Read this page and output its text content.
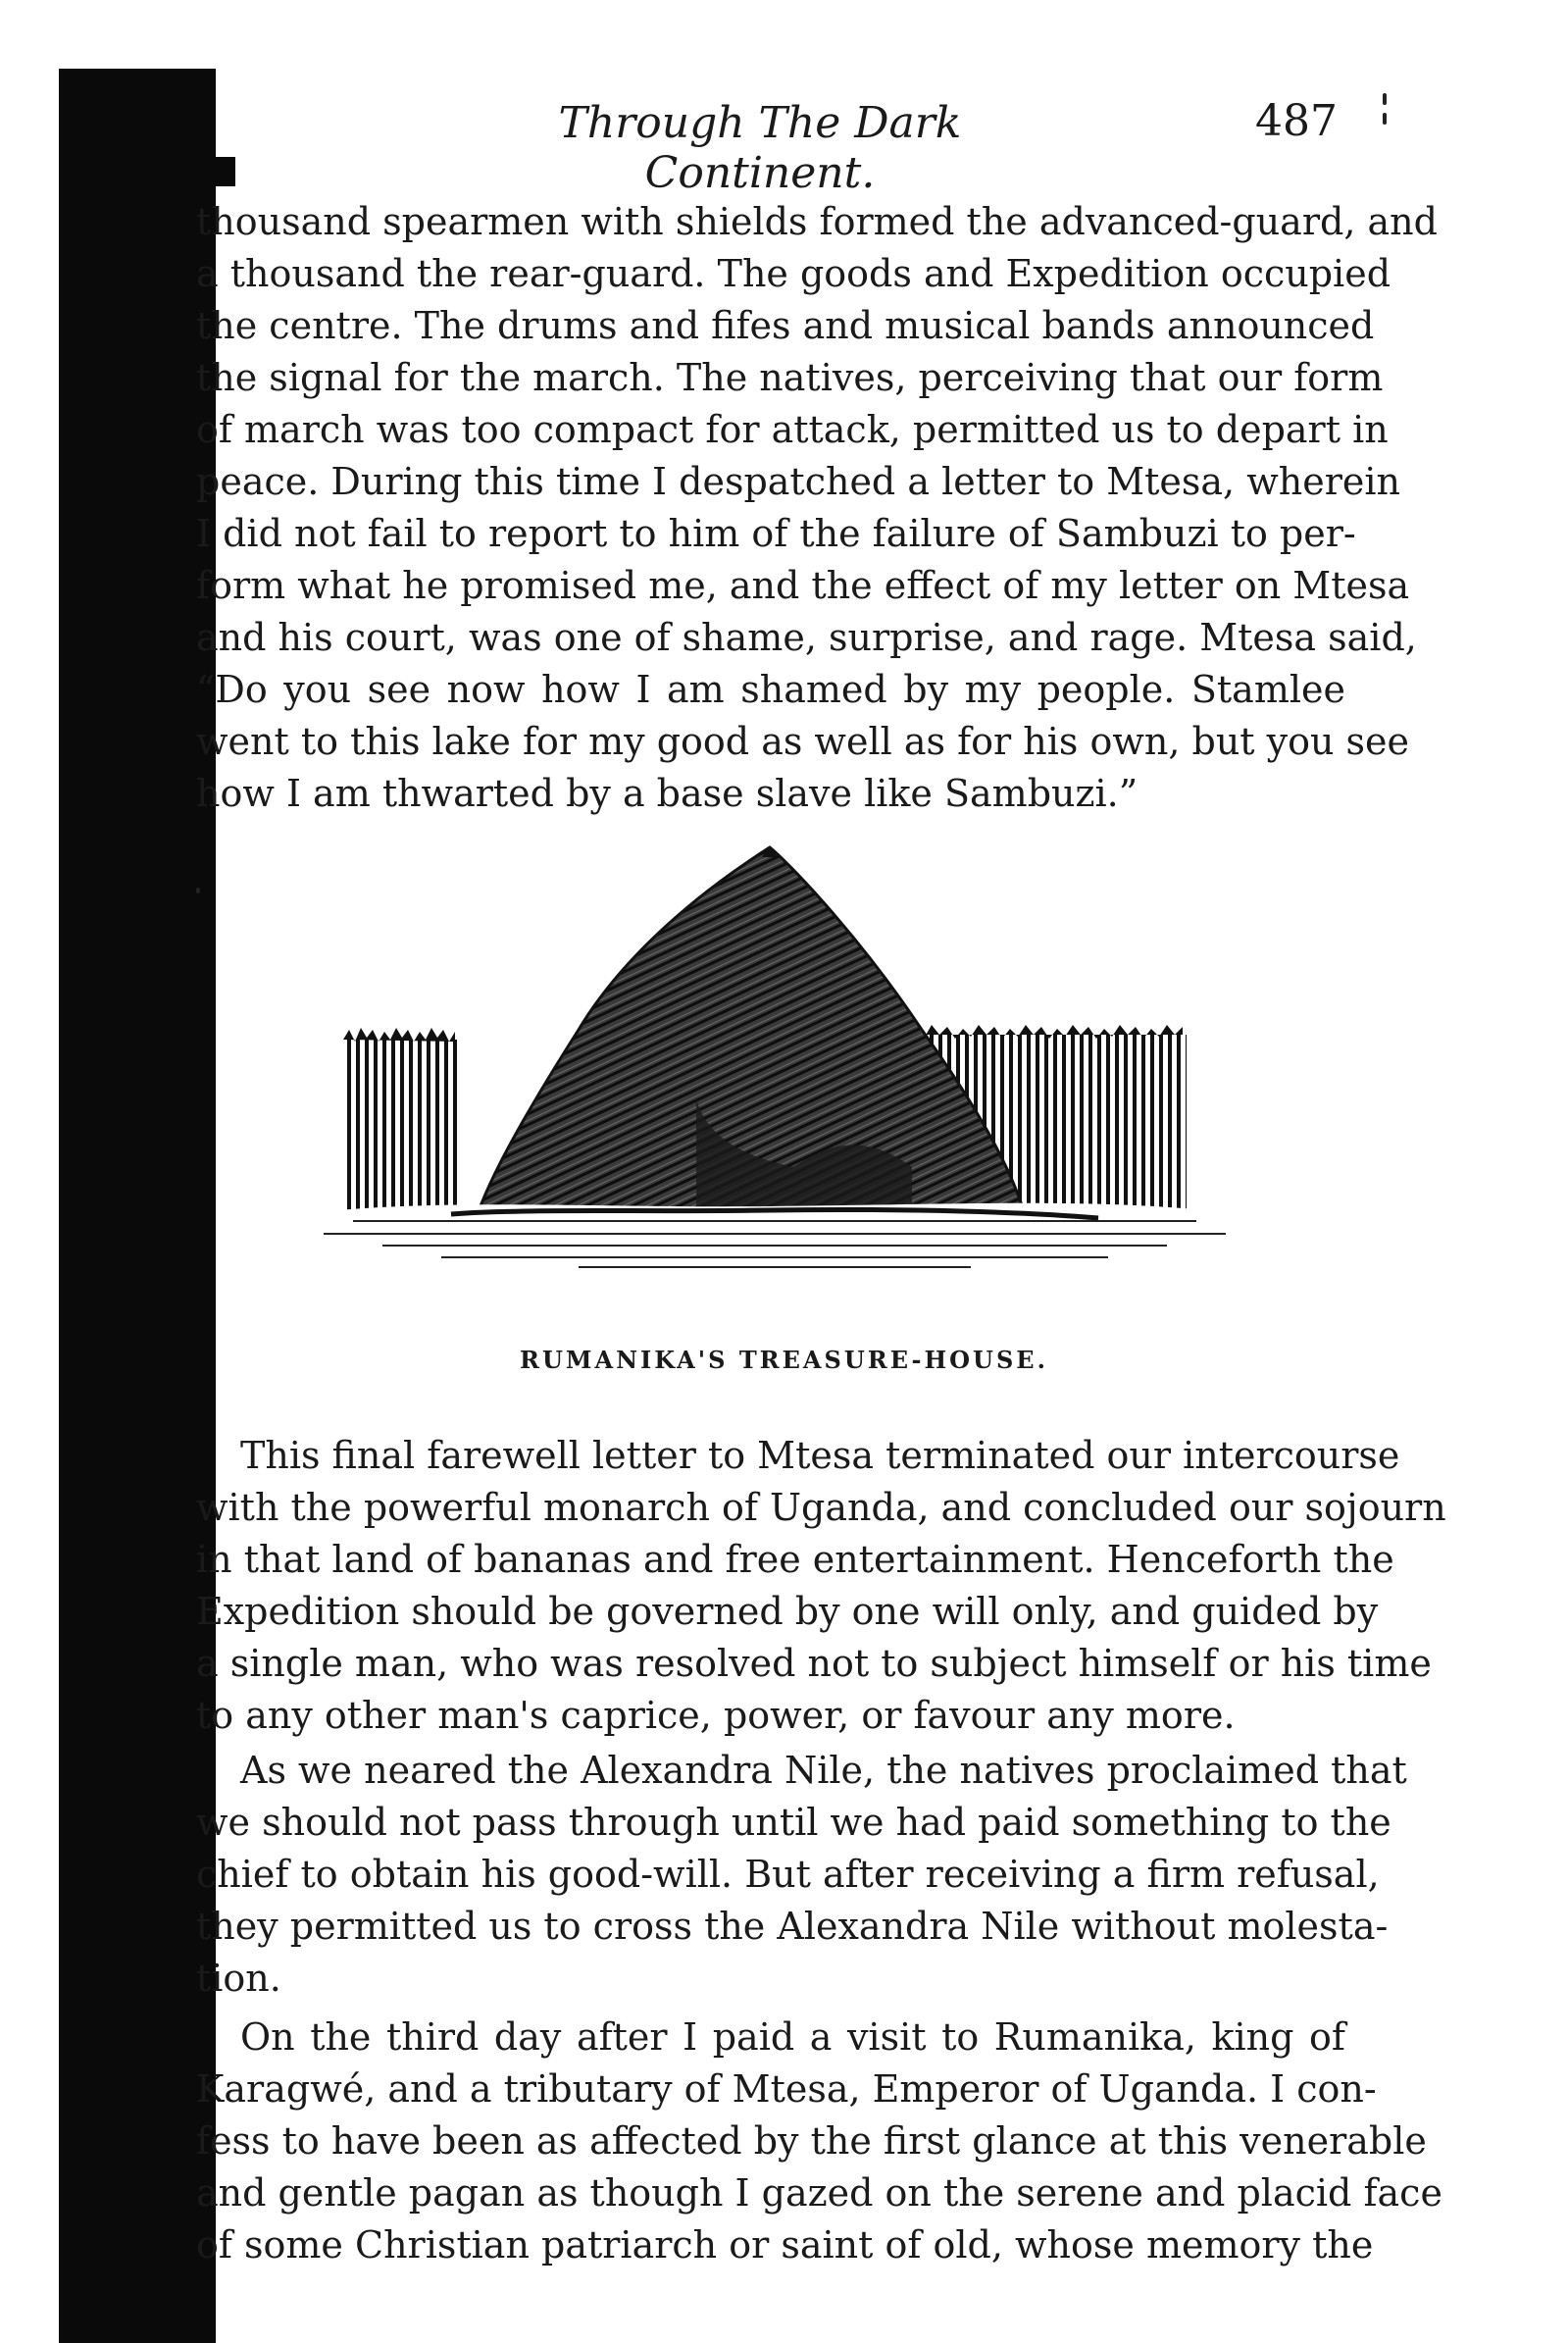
Through The Dark Continent.
487
thousand spearmen with shields formed the advanced-guard, and
a thousand the rear-guard. The goods and Expedition occupied
the centre. The drums and fifes and musical bands announced
the signal for the march. The natives, perceiving that our form
of march was too compact for attack, permitted us to depart in
peace. During this time I despatched a letter to Mtesa, wherein
I did not fail to report to him of the failure of Sambuzi to per-
form what he promised me, and the effect of my letter on Mtesa
and his court, was one of shame, surprise, and rage. Mtesa said,
“Do you see now how I am shamed by my people. Stamlee
went to this lake for my good as well as for his own, but you see
how I am thwarted by a base slave like Sambuzi.”
RUMANIKA'S TREASURE-HOUSE.
This final farewell letter to Mtesa terminated our intercourse
with the powerful monarch of Uganda, and concluded our sojourn
in that land of bananas and free entertainment. Henceforth the
Expedition should be governed by one will only, and guided by
a single man, who was resolved not to subject himself or his time
to any other man's caprice, power, or favour any more.
As we neared the Alexandra Nile, the natives proclaimed that
we should not pass through until we had paid something to the
chief to obtain his good-will. But after receiving a firm refusal,
they permitted us to cross the Alexandra Nile without molesta-
tion.
On the third day after I paid a visit to Rumanika, king of
Karagwé, and a tributary of Mtesa, Emperor of Uganda. I con-
fess to have been as affected by the first glance at this venerable
and gentle pagan as though I gazed on the serene and placid face
of some Christian patriarch or saint of old, whose memory the
